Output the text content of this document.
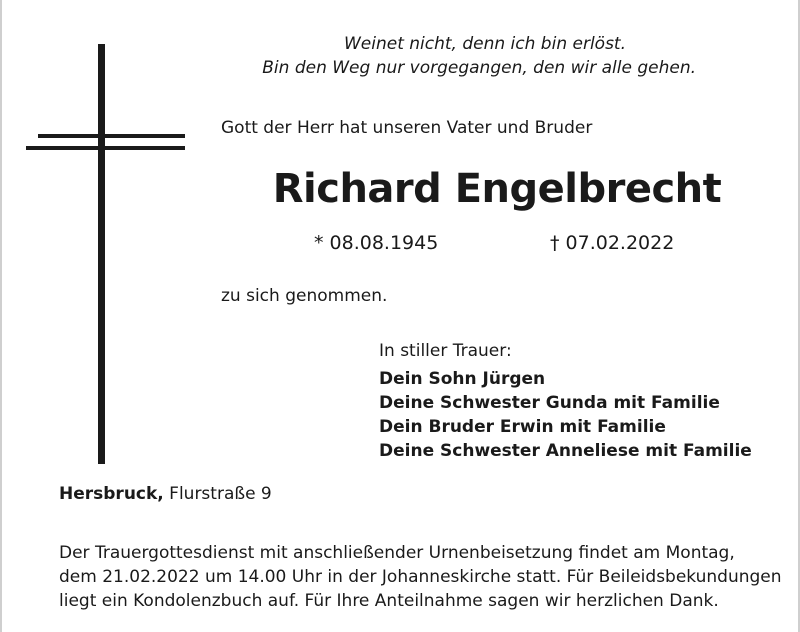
Weinet nicht, denn ich bin erlöst.
Bin den Weg nur vorgegangen, den wir alle gehen.
Gott der Herr hat unseren Vater und Bruder
Richard Engelbrecht
* 08.08.1945	† 07.02.2022
zu sich genommen.
In stiller Trauer:
Dein Sohn Jürgen
Deine Schwester Gunda mit Familie
Dein Bruder Erwin mit Familie
Deine Schwester Anneliese mit Familie
Hersbruck, Flurstraße 9
Der Trauergottesdienst mit anschließender Urnenbeisetzung findet am Montag,
dem 21.02.2022 um 14.00 Uhr in der Johanneskirche statt. Für Beileidsbekundungen
liegt ein Kondolenzbuch auf. Für Ihre Anteilnahme sagen wir herzlichen Dank.
